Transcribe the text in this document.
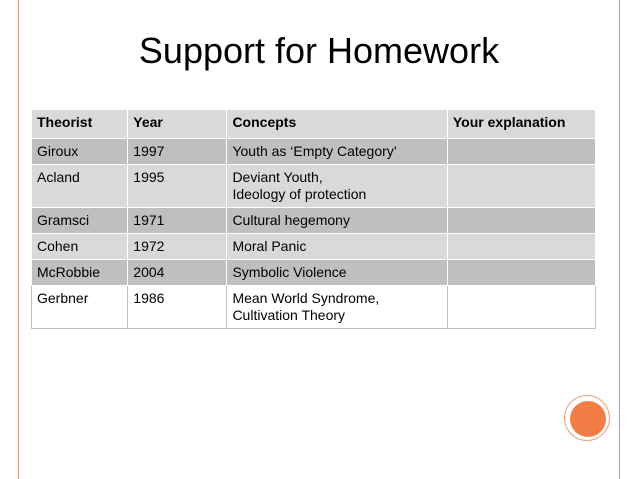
Support for Homework
Theorist	Year	Concepts	Your explanation
Giroux	1997	Youth as ‘Empty Category’	
Acland	1995	Deviant Youth,
Ideology of protection	
Gramsci	1971	Cultural hegemony	
Cohen	1972	Moral Panic	
McRobbie	2004	Symbolic Violence	
Gerbner	1986	Mean World Syndrome,
Cultivation Theory	
